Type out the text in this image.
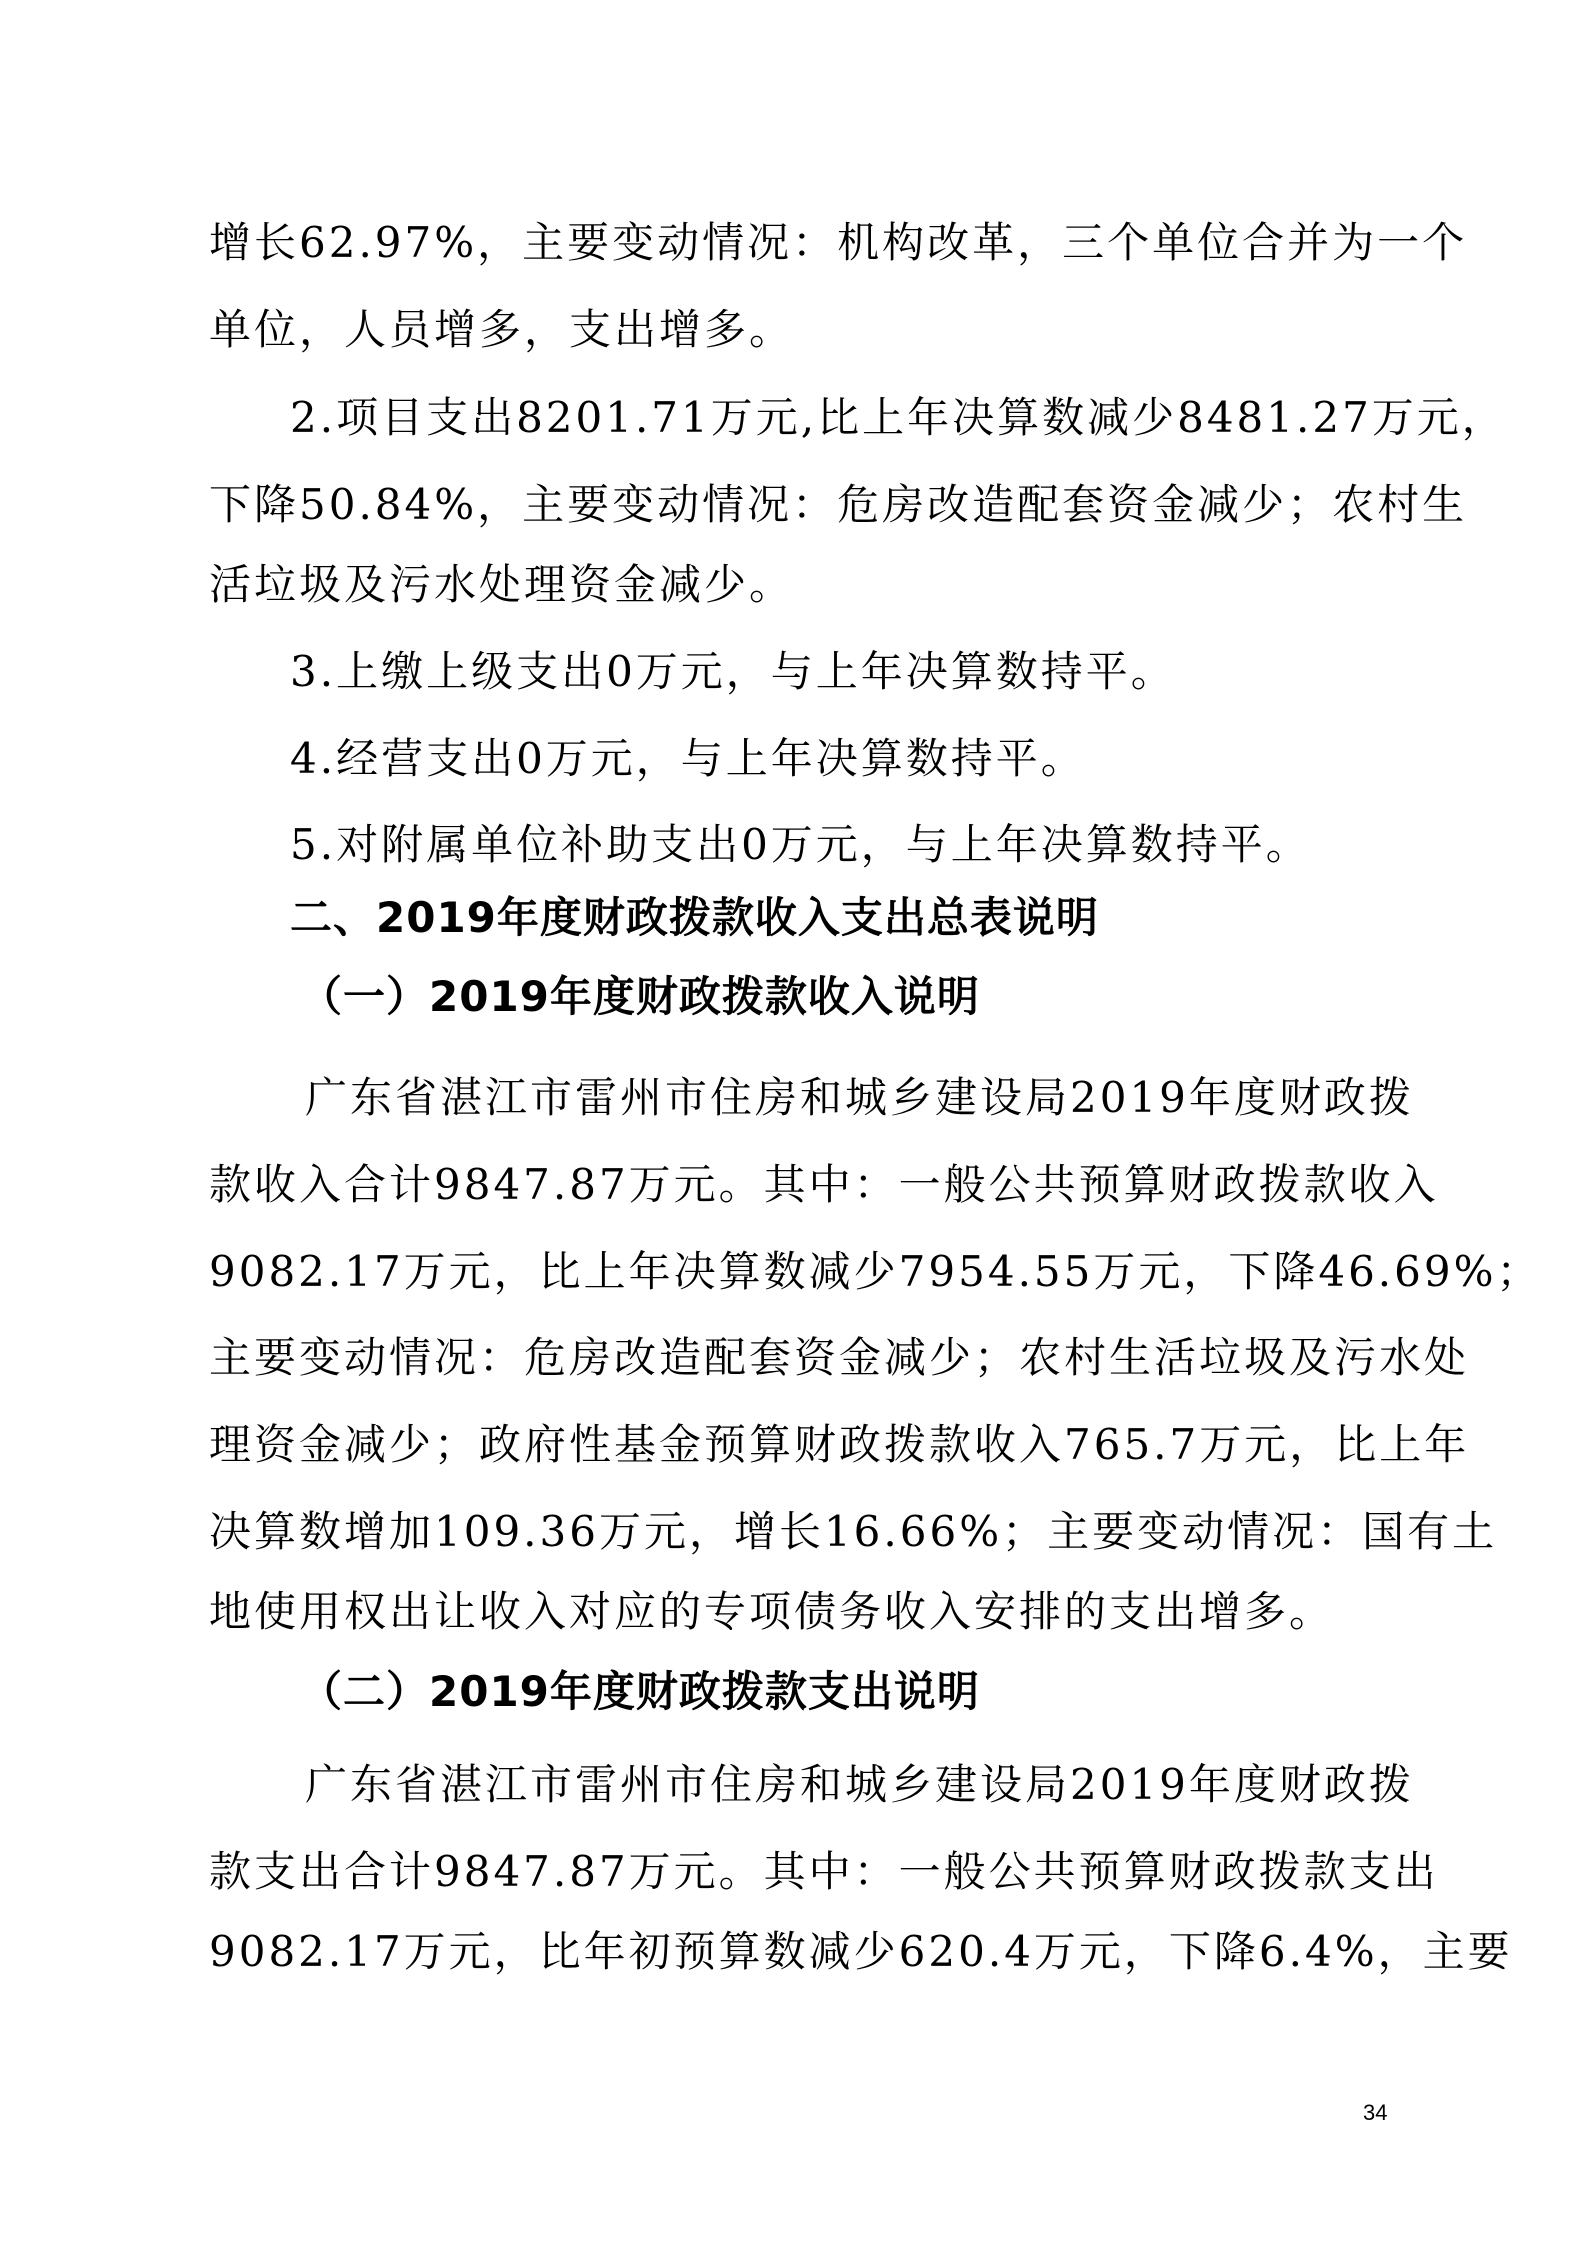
增长62.97%，主要变动情况：机构改革，三个单位合并为一个
单位，人员增多，支出增多。
2.项目支出8201.71万元,比上年决算数减少8481.27万元，
下降50.84%，主要变动情况：危房改造配套资金减少；农村生
活垃圾及污水处理资金减少。
3.上缴上级支出0万元，与上年决算数持平。
4.经营支出0万元，与上年决算数持平。
5.对附属单位补助支出0万元，与上年决算数持平。
二、2019年度财政拨款收入支出总表说明
（一）2019年度财政拨款收入说明
广东省湛江市雷州市住房和城乡建设局2019年度财政拨
款收入合计9847.87万元。其中：一般公共预算财政拨款收入
9082.17万元，比上年决算数减少7954.55万元，下降46.69%；
主要变动情况：危房改造配套资金减少；农村生活垃圾及污水处
理资金减少；政府性基金预算财政拨款收入765.7万元，比上年
决算数增加109.36万元，增长16.66%；主要变动情况：国有土
地使用权出让收入对应的专项债务收入安排的支出增多。
（二）2019年度财政拨款支出说明
广东省湛江市雷州市住房和城乡建设局2019年度财政拨
款支出合计9847.87万元。其中：一般公共预算财政拨款支出
9082.17万元，比年初预算数减少620.4万元，下降6.4%，主要
34
